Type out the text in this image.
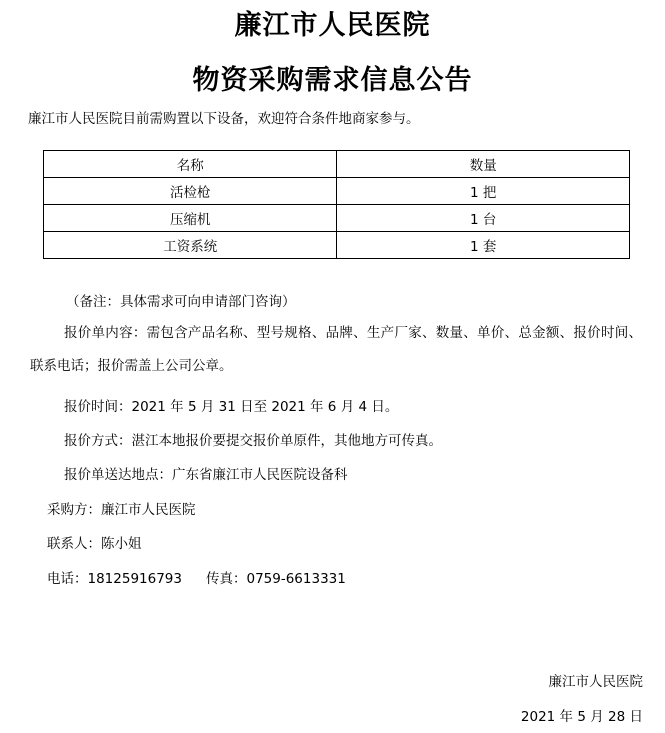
廉江市人民医院
物资采购需求信息公告
廉江市人民医院目前需购置以下设备，欢迎符合条件地商家参与。
名称	数量
活检枪	1 把
压缩机	1 台
工资系统	1 套
（备注：具体需求可向申请部门咨询）
报价单内容：需包含产品名称、型号规格、品牌、生产厂家、数量、单价、总金额、报价时间、联系电话；报价需盖上公司公章。
报价时间：2021 年 5 月 31 日至 2021 年 6 月 4 日。
报价方式：湛江本地报价要提交报价单原件，其他地方可传真。
报价单送达地点：广东省廉江市人民医院设备科
采购方：廉江市人民医院
联系人：陈小姐
电话：18125916793 传真：0759-6613331
廉江市人民医院
2021 年 5 月 28 日
